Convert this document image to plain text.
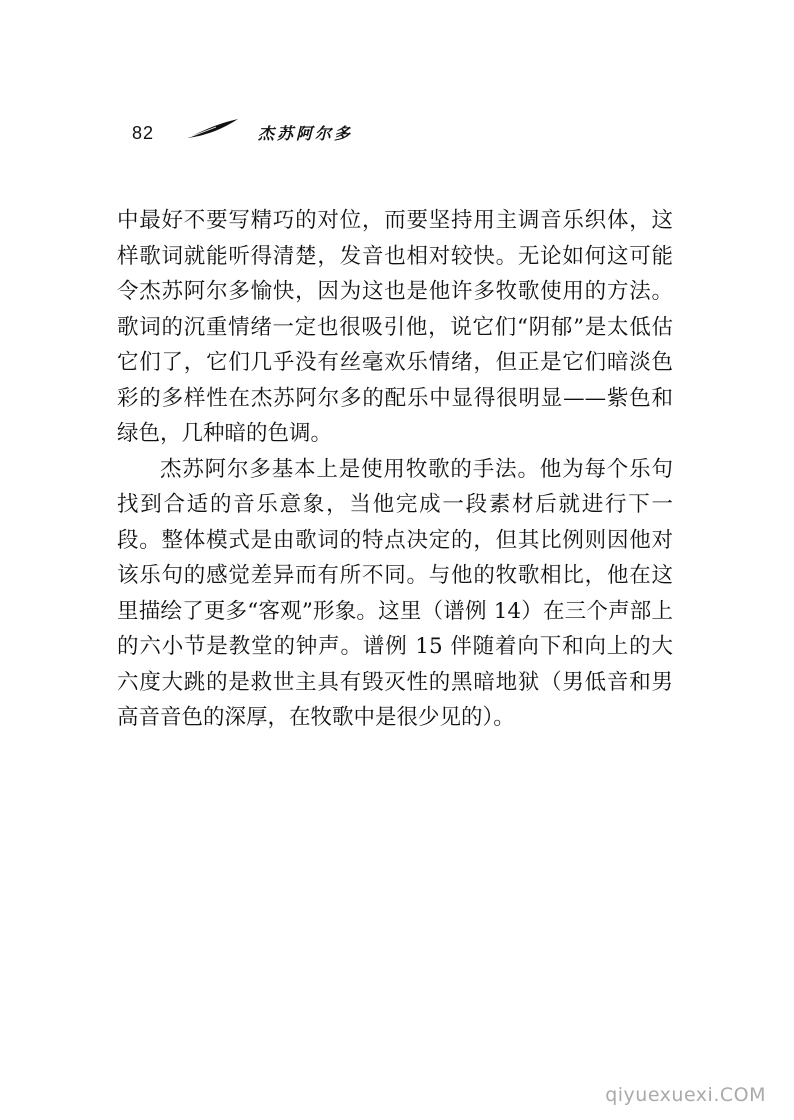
82	杰苏阿尔多

中最好不要写精巧的对位，而要坚持用主调音乐织体，这样歌词就能听得清楚，发音也相对较快。无论如何这可能令杰苏阿尔多愉快，因为这也是他许多牧歌使用的方法。歌词的沉重情绪一定也很吸引他，说它们“阴郁”是太低估它们了，它们几乎没有丝毫欢乐情绪，但正是它们暗淡色彩的多样性在杰苏阿尔多的配乐中显得很明显——紫色和绿色，几种暗的色调。

杰苏阿尔多基本上是使用牧歌的手法。他为每个乐句找到合适的音乐意象，当他完成一段素材后就进行下一段。整体模式是由歌词的特点决定的，但其比例则因他对该乐句的感觉差异而有所不同。与他的牧歌相比，他在这里描绘了更多“客观”形象。这里（谱例 14）在三个声部上的六小节是教堂的钟声。谱例 15 伴随着向下和向上的大六度大跳的是救世主具有毁灭性的黑暗地狱（男低音和男高音音色的深厚，在牧歌中是很少见的）。

qiyuexuexi.COM
